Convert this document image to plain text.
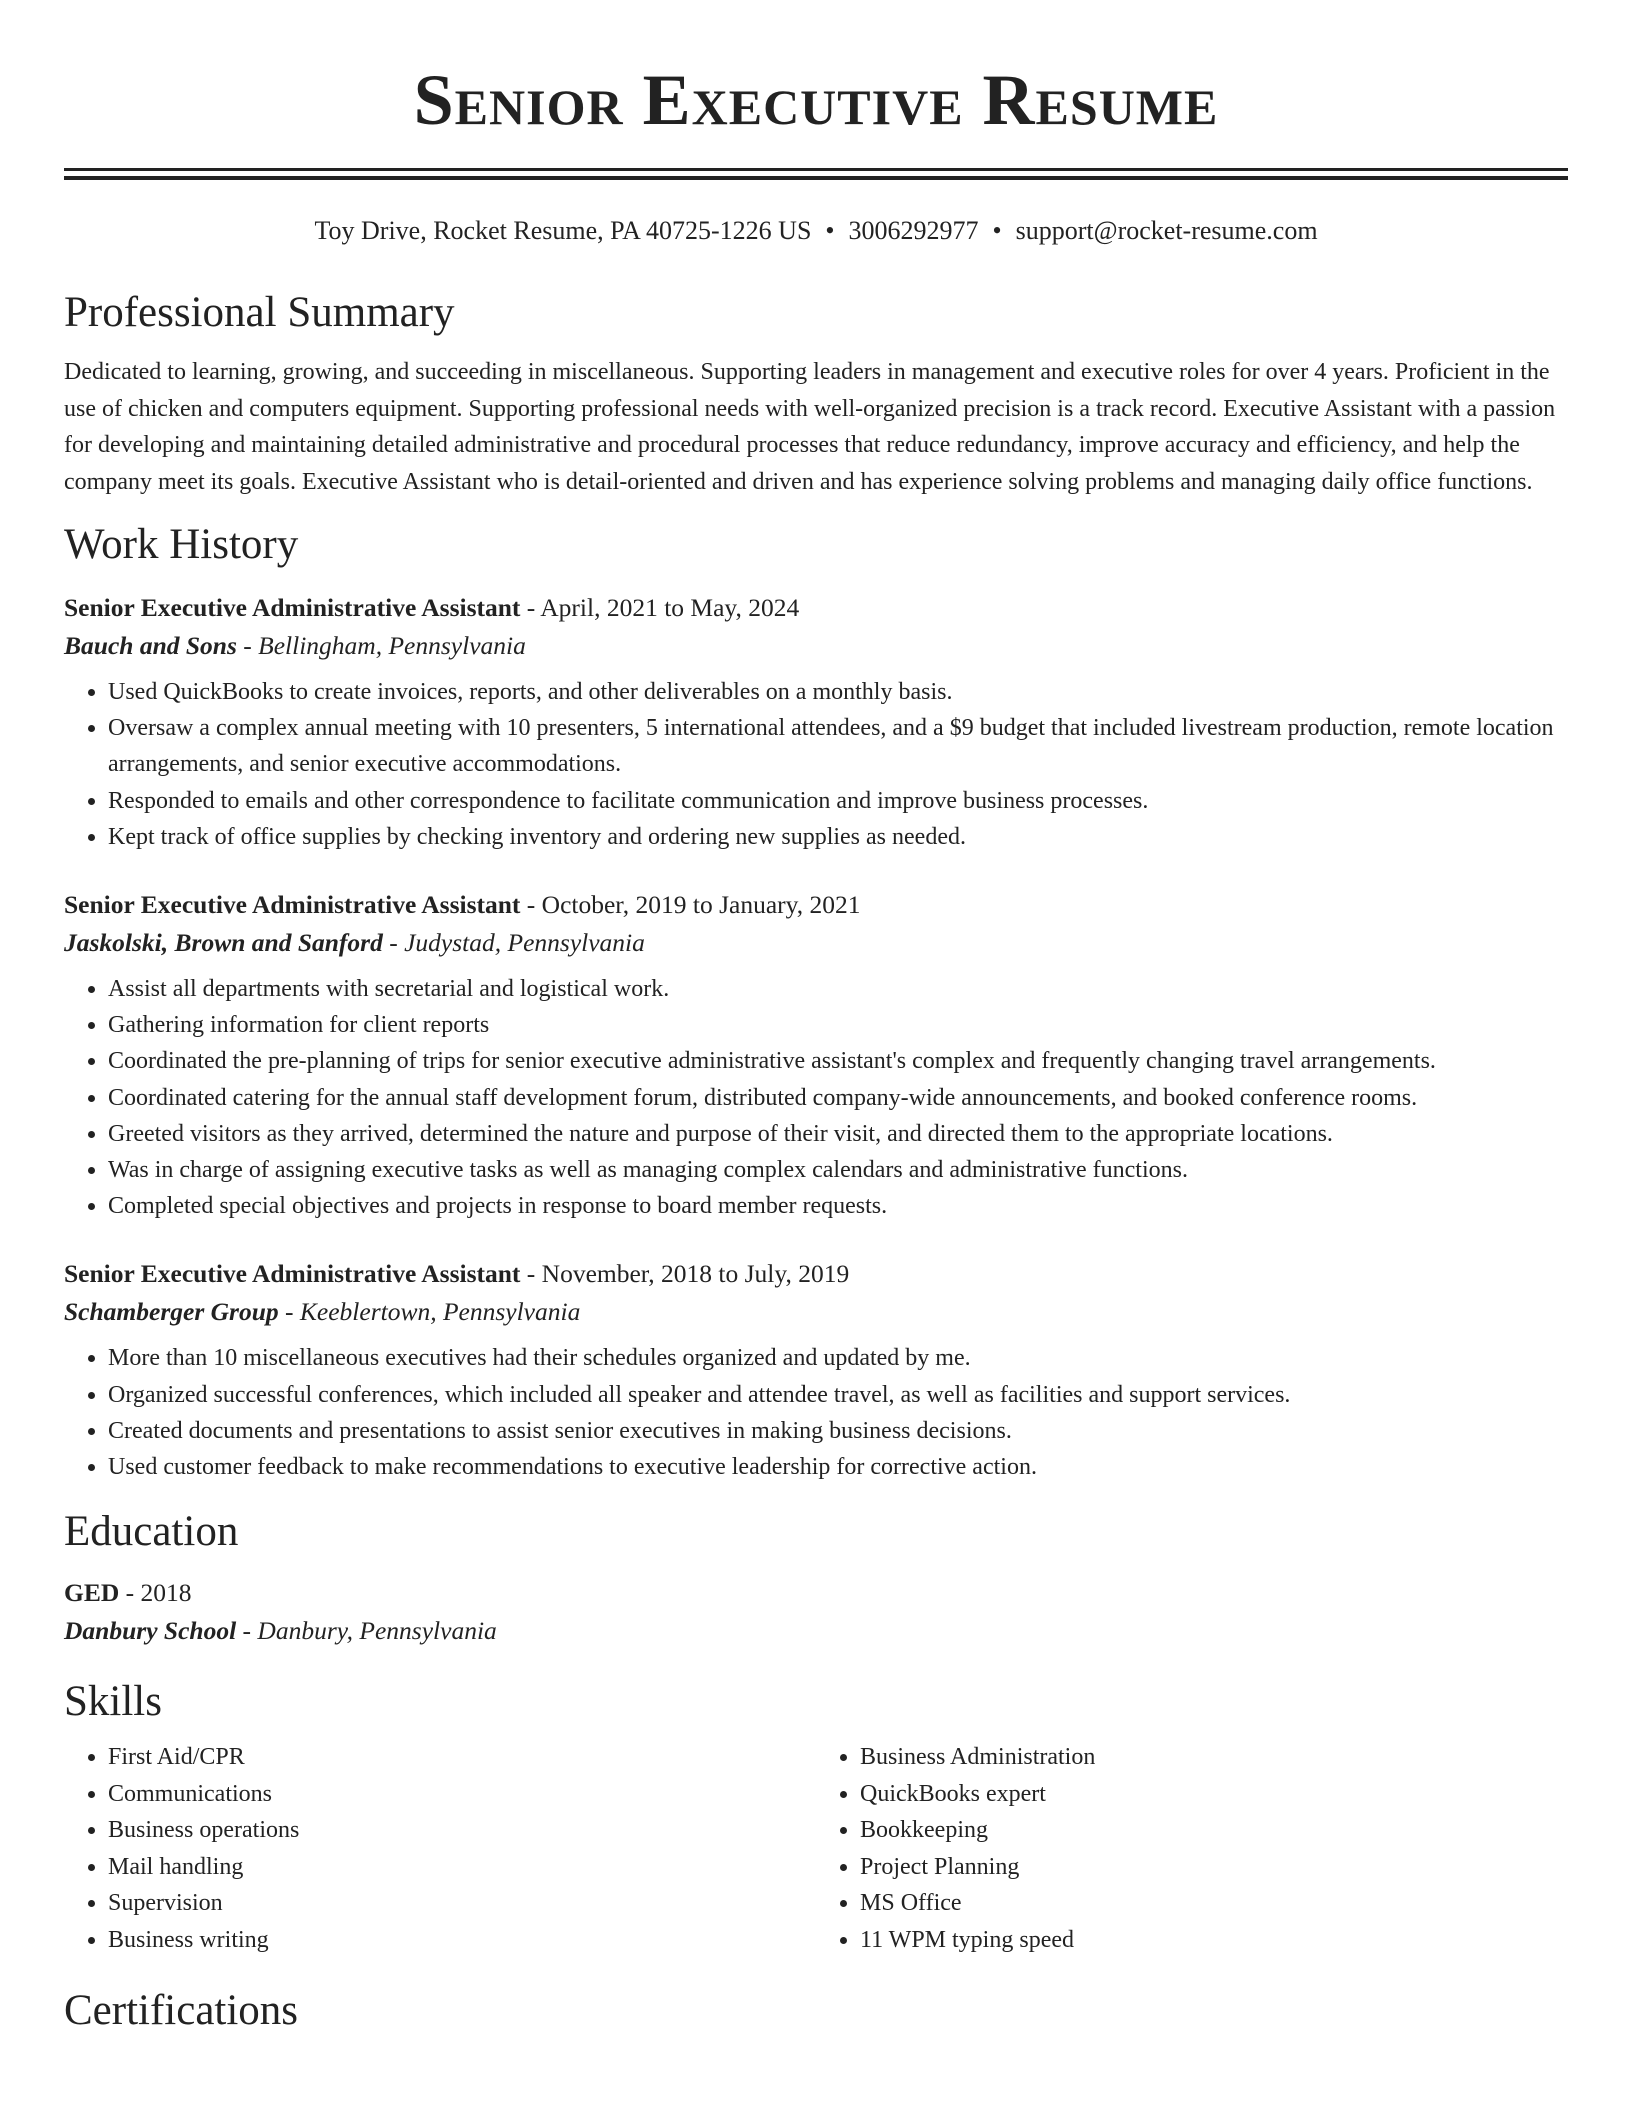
Senior Executive Resume
Toy Drive, Rocket Resume, PA 40725-1226 US • 3006292977 • support@rocket-resume.com
Professional Summary
Dedicated to learning, growing, and succeeding in miscellaneous. Supporting leaders in management and executive roles for over 4 years. Proficient in the use of chicken and computers equipment. Supporting professional needs with well-organized precision is a track record. Executive Assistant with a passion for developing and maintaining detailed administrative and procedural processes that reduce redundancy, improve accuracy and efficiency, and help the company meet its goals. Executive Assistant who is detail-oriented and driven and has experience solving problems and managing daily office functions.
Work History
Senior Executive Administrative Assistant - April, 2021 to May, 2024
Bauch and Sons - Bellingham, Pennsylvania
• Used QuickBooks to create invoices, reports, and other deliverables on a monthly basis.
• Oversaw a complex annual meeting with 10 presenters, 5 international attendees, and a $9 budget that included livestream production, remote location arrangements, and senior executive accommodations.
• Responded to emails and other correspondence to facilitate communication and improve business processes.
• Kept track of office supplies by checking inventory and ordering new supplies as needed.
Senior Executive Administrative Assistant - October, 2019 to January, 2021
Jaskolski, Brown and Sanford - Judystad, Pennsylvania
• Assist all departments with secretarial and logistical work.
• Gathering information for client reports
• Coordinated the pre-planning of trips for senior executive administrative assistant's complex and frequently changing travel arrangements.
• Coordinated catering for the annual staff development forum, distributed company-wide announcements, and booked conference rooms.
• Greeted visitors as they arrived, determined the nature and purpose of their visit, and directed them to the appropriate locations.
• Was in charge of assigning executive tasks as well as managing complex calendars and administrative functions.
• Completed special objectives and projects in response to board member requests.
Senior Executive Administrative Assistant - November, 2018 to July, 2019
Schamberger Group - Keeblertown, Pennsylvania
• More than 10 miscellaneous executives had their schedules organized and updated by me.
• Organized successful conferences, which included all speaker and attendee travel, as well as facilities and support services.
• Created documents and presentations to assist senior executives in making business decisions.
• Used customer feedback to make recommendations to executive leadership for corrective action.
Education
GED - 2018
Danbury School - Danbury, Pennsylvania
Skills
• First Aid/CPR
• Communications
• Business operations
• Mail handling
• Supervision
• Business writing
• Business Administration
• QuickBooks expert
• Bookkeeping
• Project Planning
• MS Office
• 11 WPM typing speed
Certifications
